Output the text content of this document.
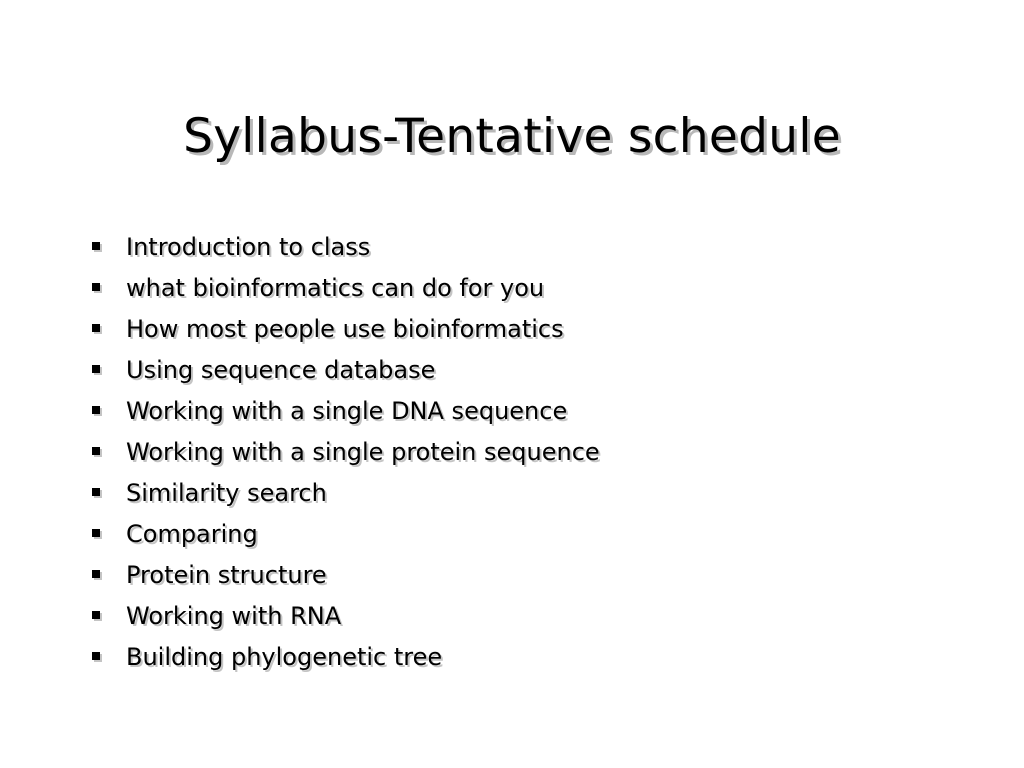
Syllabus-Tentative schedule
Introduction to class
what bioinformatics can do for you
How most people use bioinformatics
Using sequence database
Working with a single DNA sequence
Working with a single protein sequence
Similarity search
Comparing
Protein structure
Working with RNA
Building phylogenetic tree
